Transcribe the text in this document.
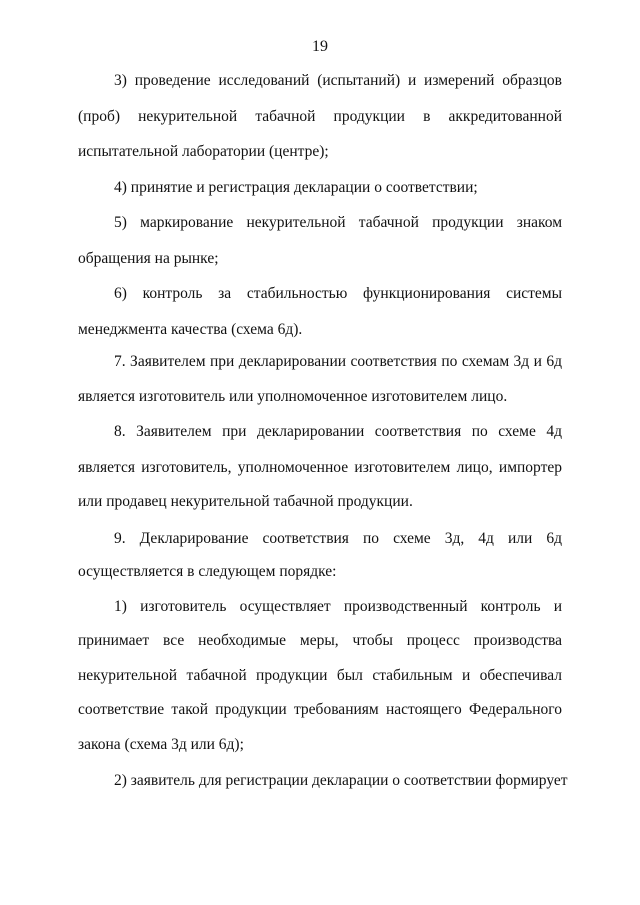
19
3) проведение исследований (испытаний) и измерений образцов
(проб) некурительной табачной продукции в аккредитованной
испытательной лаборатории (центре);
4) принятие и регистрация декларации о соответствии;
5) маркирование некурительной табачной продукции знаком
обращения на рынке;
6) контроль за стабильностью функционирования системы
менеджмента качества (схема 6д).
7. Заявителем при декларировании соответствия по схемам 3д и 6д
является изготовитель или уполномоченное изготовителем лицо.
8. Заявителем при декларировании соответствия по схеме 4д
является изготовитель, уполномоченное изготовителем лицо, импортер
или продавец некурительной табачной продукции.
9. Декларирование соответствия по схеме 3д, 4д или 6д
осуществляется в следующем порядке:
1) изготовитель осуществляет производственный контроль и
принимает все необходимые меры, чтобы процесс производства
некурительной табачной продукции был стабильным и обеспечивал
соответствие такой продукции требованиям настоящего Федерального
закона (схема 3д или 6д);
2) заявитель для регистрации декларации о соответствии формирует
